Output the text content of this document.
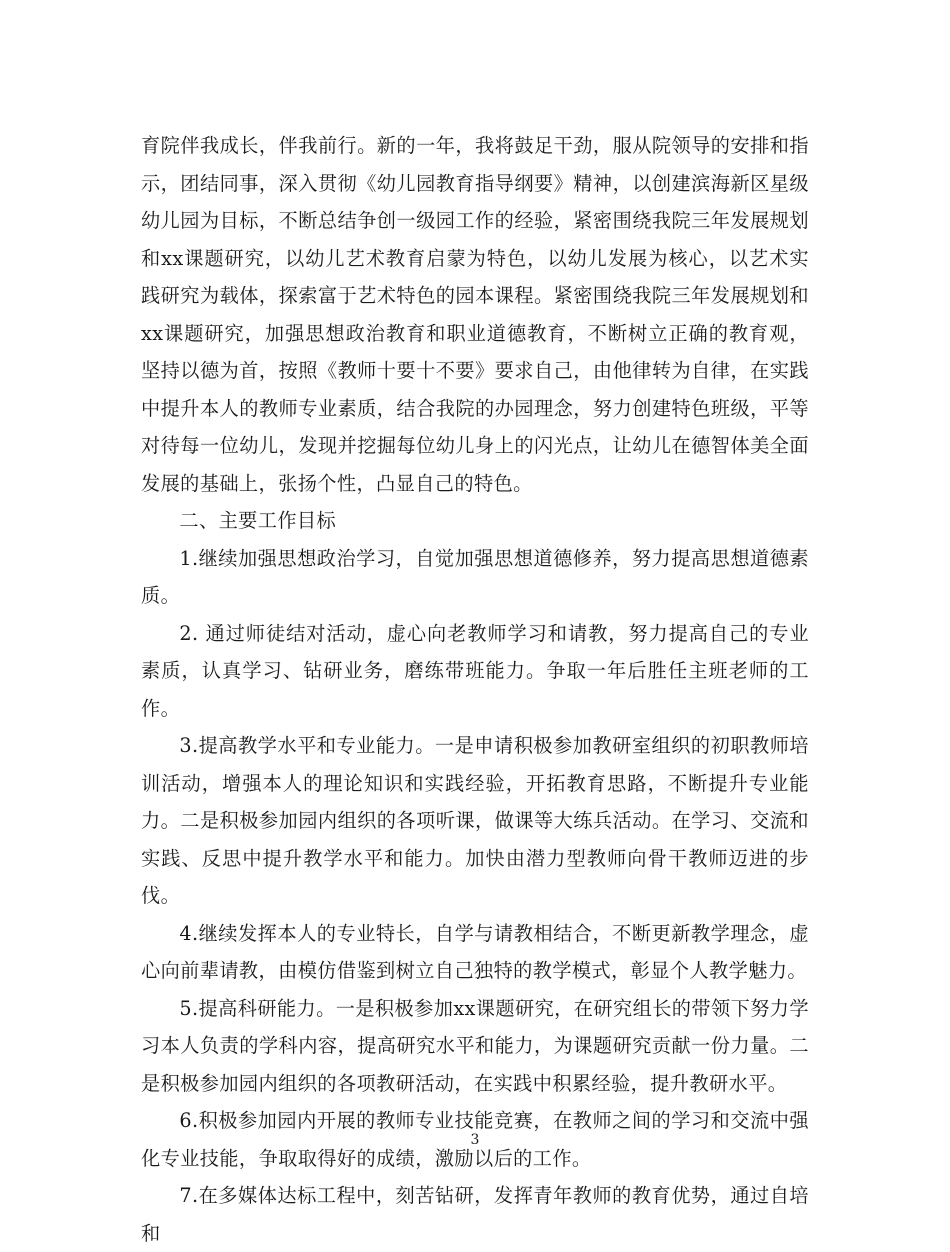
育院伴我成长，伴我前行。新的一年，我将鼓足干劲，服从院领导的安排和指示，团结同事，深入贯彻《幼儿园教育指导纲要》精神，以创建滨海新区星级幼儿园为目标，不断总结争创一级园工作的经验，紧密围绕我院三年发展规划和xx课题研究，以幼儿艺术教育启蒙为特色，以幼儿发展为核心，以艺术实践研究为载体，探索富于艺术特色的园本课程。紧密围绕我院三年发展规划和xx课题研究，加强思想政治教育和职业道德教育，不断树立正确的教育观，坚持以德为首，按照《教师十要十不要》要求自己，由他律转为自律，在实践中提升本人的教师专业素质，结合我院的办园理念，努力创建特色班级，平等对待每一位幼儿，发现并挖掘每位幼儿身上的闪光点，让幼儿在德智体美全面发展的基础上，张扬个性，凸显自己的特色。

二、主要工作目标

1.继续加强思想政治学习，自觉加强思想道德修养，努力提高思想道德素质。

2. 通过师徒结对活动，虚心向老教师学习和请教，努力提高自己的专业素质，认真学习、钻研业务，磨练带班能力。争取一年后胜任主班老师的工作。

3.提高教学水平和专业能力。一是申请积极参加教研室组织的初职教师培训活动，增强本人的理论知识和实践经验，开拓教育思路，不断提升专业能力。二是积极参加园内组织的各项听课，做课等大练兵活动。在学习、交流和实践、反思中提升教学水平和能力。加快由潜力型教师向骨干教师迈进的步伐。

4.继续发挥本人的专业特长，自学与请教相结合，不断更新教学理念，虚心向前辈请教，由模仿借鉴到树立自己独特的教学模式，彰显个人教学魅力。

5.提高科研能力。一是积极参加xx课题研究，在研究组长的带领下努力学习本人负责的学科内容，提高研究水平和能力，为课题研究贡献一份力量。二是积极参加园内组织的各项教研活动，在实践中积累经验，提升教研水平。

6.积极参加园内开展的教师专业技能竞赛，在教师之间的学习和交流中强化专业技能，争取取得好的成绩，激励以后的工作。

7.在多媒体达标工程中，刻苦钻研，发挥青年教师的教育优势，通过自培和

3
